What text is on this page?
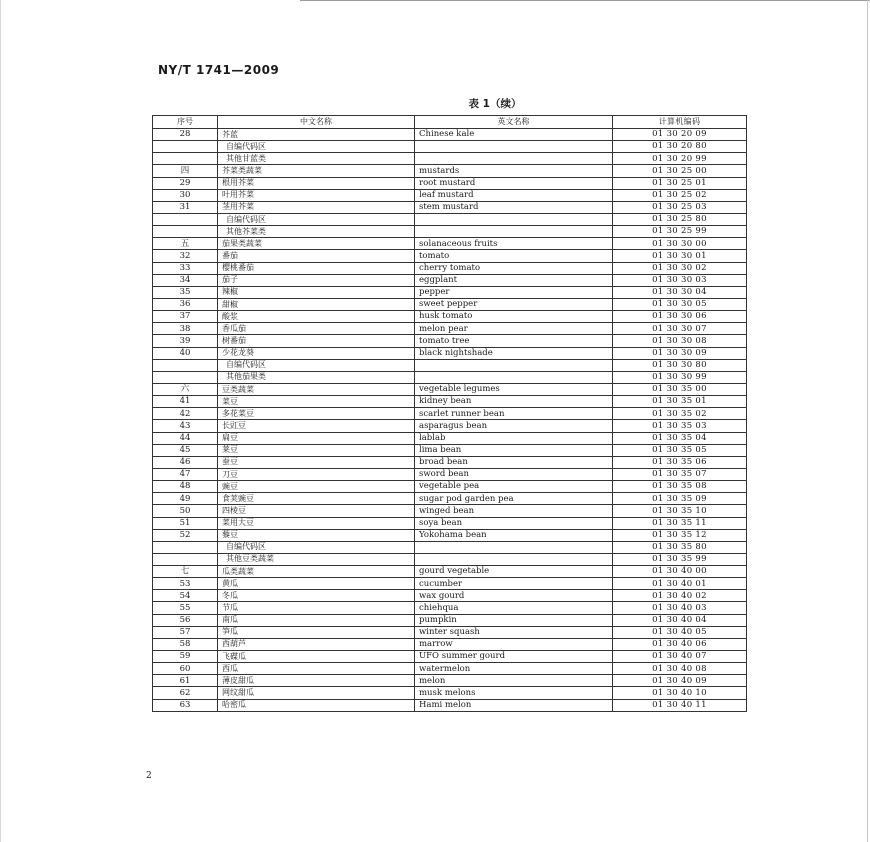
NY/T 1741—2009
表 1（续）
序号	中文名称	英文名称	计算机编码
28	芥蓝	Chinese kale	01 30 20 09
	自编代码区		01 30 20 80
	其他甘蓝类		01 30 20 99
四	芥菜类蔬菜	mustards	01 30 25 00
29	根用芥菜	root mustard	01 30 25 01
30	叶用芥菜	leaf mustard	01 30 25 02
31	茎用芥菜	stem mustard	01 30 25 03
	自编代码区		01 30 25 80
	其他芥菜类		01 30 25 99
五	茄果类蔬菜	solanaceous fruits	01 30 30 00
32	番茄	tomato	01 30 30 01
33	樱桃番茄	cherry tomato	01 30 30 02
34	茄子	eggplant	01 30 30 03
35	辣椒	pepper	01 30 30 04
36	甜椒	sweet pepper	01 30 30 05
37	酸浆	husk tomato	01 30 30 06
38	香瓜茄	melon pear	01 30 30 07
39	树番茄	tomato tree	01 30 30 08
40	少花龙葵	black nightshade	01 30 30 09
	自编代码区		01 30 30 80
	其他茄果类		01 30 30 99
六	豆类蔬菜	vegetable legumes	01 30 35 00
41	菜豆	kidney bean	01 30 35 01
42	多花菜豆	scarlet runner bean	01 30 35 02
43	长豇豆	asparagus bean	01 30 35 03
44	扁豆	lablab	01 30 35 04
45	莱豆	lima bean	01 30 35 05
46	蚕豆	broad bean	01 30 35 06
47	刀豆	sword bean	01 30 35 07
48	豌豆	vegetable pea	01 30 35 08
49	食荚豌豆	sugar pod garden pea	01 30 35 09
50	四棱豆	winged bean	01 30 35 10
51	菜用大豆	soya bean	01 30 35 11
52	藜豆	Yokohama bean	01 30 35 12
	自编代码区		01 30 35 80
	其他豆类蔬菜		01 30 35 99
七	瓜类蔬菜	gourd vegetable	01 30 40 00
53	黄瓜	cucumber	01 30 40 01
54	冬瓜	wax gourd	01 30 40 02
55	节瓜	chiehqua	01 30 40 03
56	南瓜	pumpkin	01 30 40 04
57	笋瓜	winter squash	01 30 40 05
58	西葫芦	marrow	01 30 40 06
59	飞碟瓜	UFO summer gourd	01 30 40 07
60	西瓜	watermelon	01 30 40 08
61	薄皮甜瓜	melon	01 30 40 09
62	网纹甜瓜	musk melons	01 30 40 10
63	哈密瓜	Hami melon	01 30 40 11
2
